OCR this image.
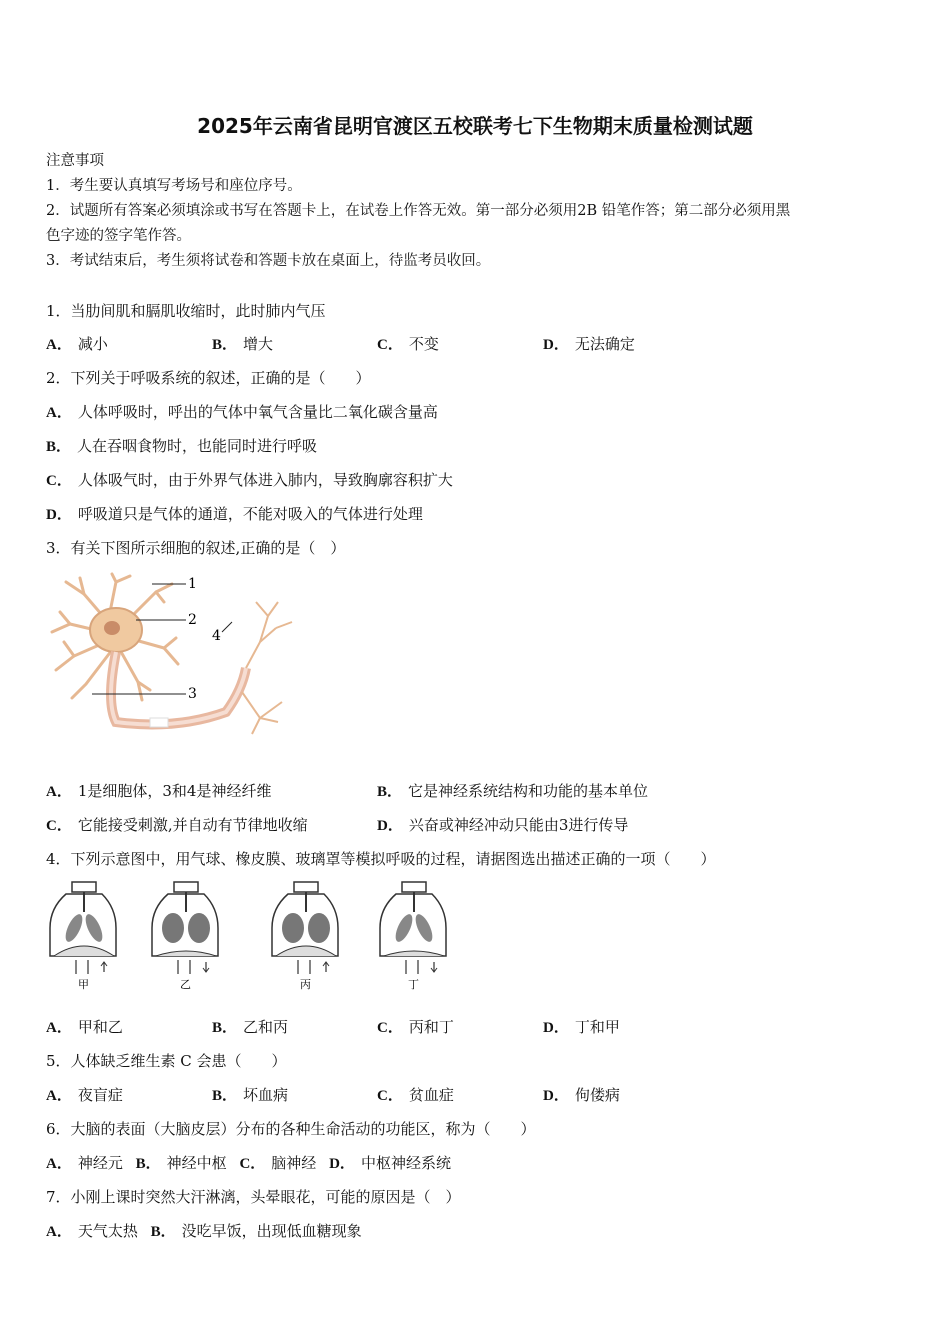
2025年云南省昆明官渡区五校联考七下生物期末质量检测试题
注意事项
1．考生要认真填写考场号和座位序号。
2．试题所有答案必须填涂或书写在答题卡上，在试卷上作答无效。第一部分必须用2B 铅笔作答；第二部分必须用黑
色字迹的签字笔作答。
3．考试结束后，考生须将试卷和答题卡放在桌面上，待监考员收回。
1．当肋间肌和膈肌收缩时，此时肺内气压
A． 减小	B． 增大	C． 不变	D． 无法确定
2．下列关于呼吸系统的叙述，正确的是（　　）
A． 人体呼吸时，呼出的气体中氧气含量比二氧化碳含量高
B． 人在吞咽食物时，也能同时进行呼吸
C． 人体吸气时，由于外界气体进入肺内，导致胸廓容积扩大
D． 呼吸道只是气体的通道，不能对吸入的气体进行处理
3．有关下图所示细胞的叙述,正确的是（　）
1
2
3
4
A． 1是细胞体，3和4是神经纤维	B． 它是神经系统结构和功能的基本单位
C． 它能接受刺激,并自动有节律地收缩	D． 兴奋或神经冲动只能由3进行传导
4．下列示意图中，用气球、橡皮膜、玻璃罩等模拟呼吸的过程，请据图选出描述正确的一项（　　）
甲	乙	丙	丁
A． 甲和乙	B． 乙和丙	C． 丙和丁	D． 丁和甲
5．人体缺乏维生素 C 会患（　　）
A． 夜盲症	B． 坏血病	C． 贫血症	D． 佝偻病
6．大脑的表面（大脑皮层）分布的各种生命活动的功能区，称为（　　）
A． 神经元 B． 神经中枢 C． 脑神经 D． 中枢神经系统
7．小刚上课时突然大汗淋漓，头晕眼花，可能的原因是（　）
A． 天气太热 B． 没吃早饭，出现低血糖现象
